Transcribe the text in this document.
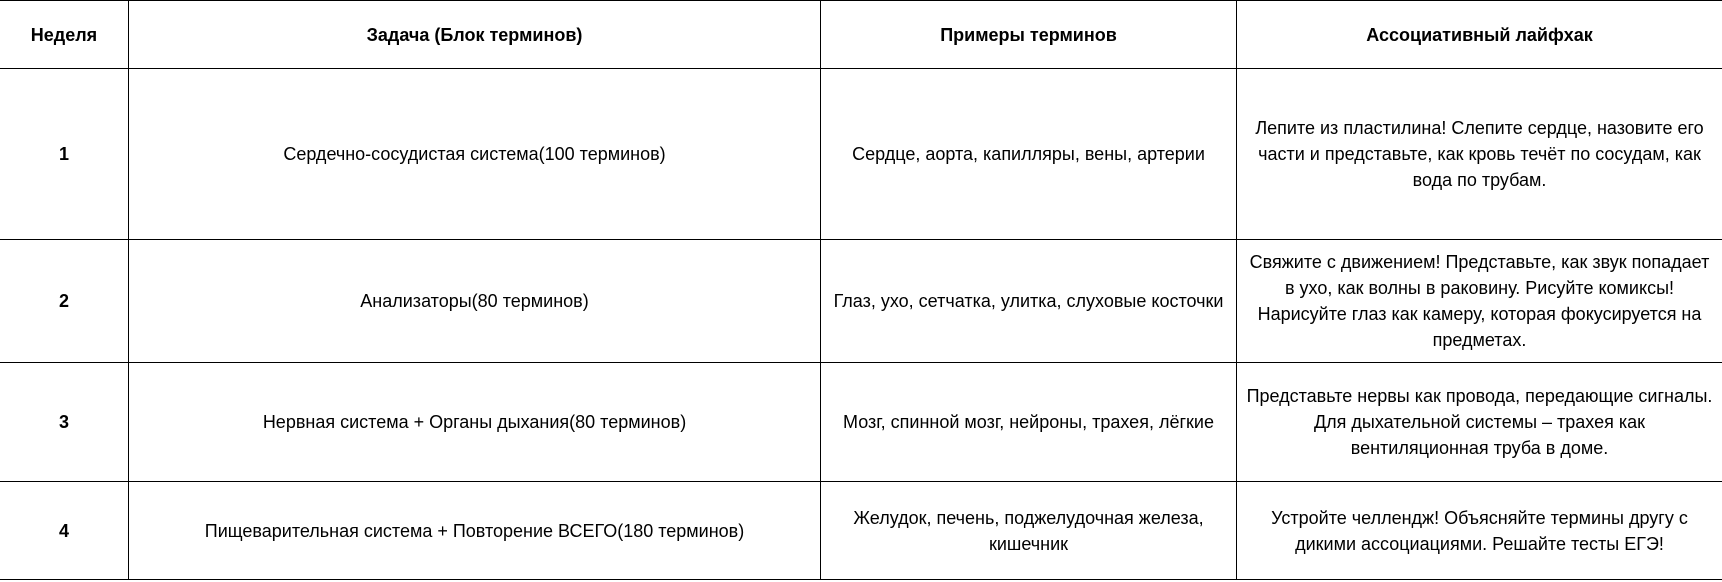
Неделя	Задача (Блок терминов)	Примеры терминов	Ассоциативный лайфхак
1	Сердечно-сосудистая система(100 терминов)	Сердце, аорта, капилляры, вены, артерии	Лепите из пластилина! Слепите сердце, назовите его части и представьте, как кровь течёт по сосудам, как вода по трубам.
2	Анализаторы(80 терминов)	Глаз, ухо, сетчатка, улитка, слуховые косточки	Свяжите с движением! Представьте, как звук попадает в ухо, как волны в раковину. Рисуйте комиксы! Нарисуйте глаз как камеру, которая фокусируется на предметах.
3	Нервная система + Органы дыхания(80 терминов)	Мозг, спинной мозг, нейроны, трахея, лёгкие	Представьте нервы как провода, передающие сигналы. Для дыхательной системы – трахея как вентиляционная труба в доме.
4	Пищеварительная система + Повторение ВСЕГО(180 терминов)	Желудок, печень, поджелудочная железа, кишечник	Устройте челлендж! Объясняйте термины другу с дикими ассоциациями. Решайте тесты ЕГЭ!
